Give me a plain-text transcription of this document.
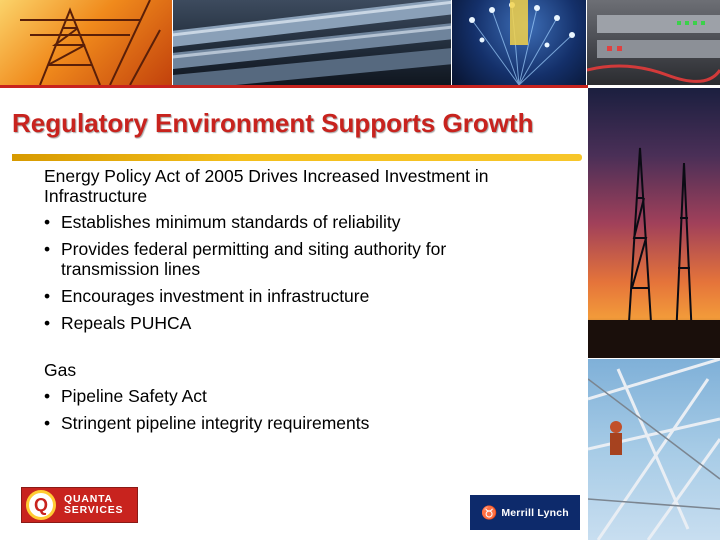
Regulatory Environment Supports Growth
Energy Policy Act of 2005 Drives Increased Investment in Infrastructure
• Establishes minimum standards of reliability
• Provides federal permitting and siting authority for transmission lines
• Encourages investment in infrastructure
• Repeals PUHCA
Gas
• Pipeline Safety Act
• Stringent pipeline integrity requirements
Q	QUANTA
SERVICES	♉ Merrill Lynch
